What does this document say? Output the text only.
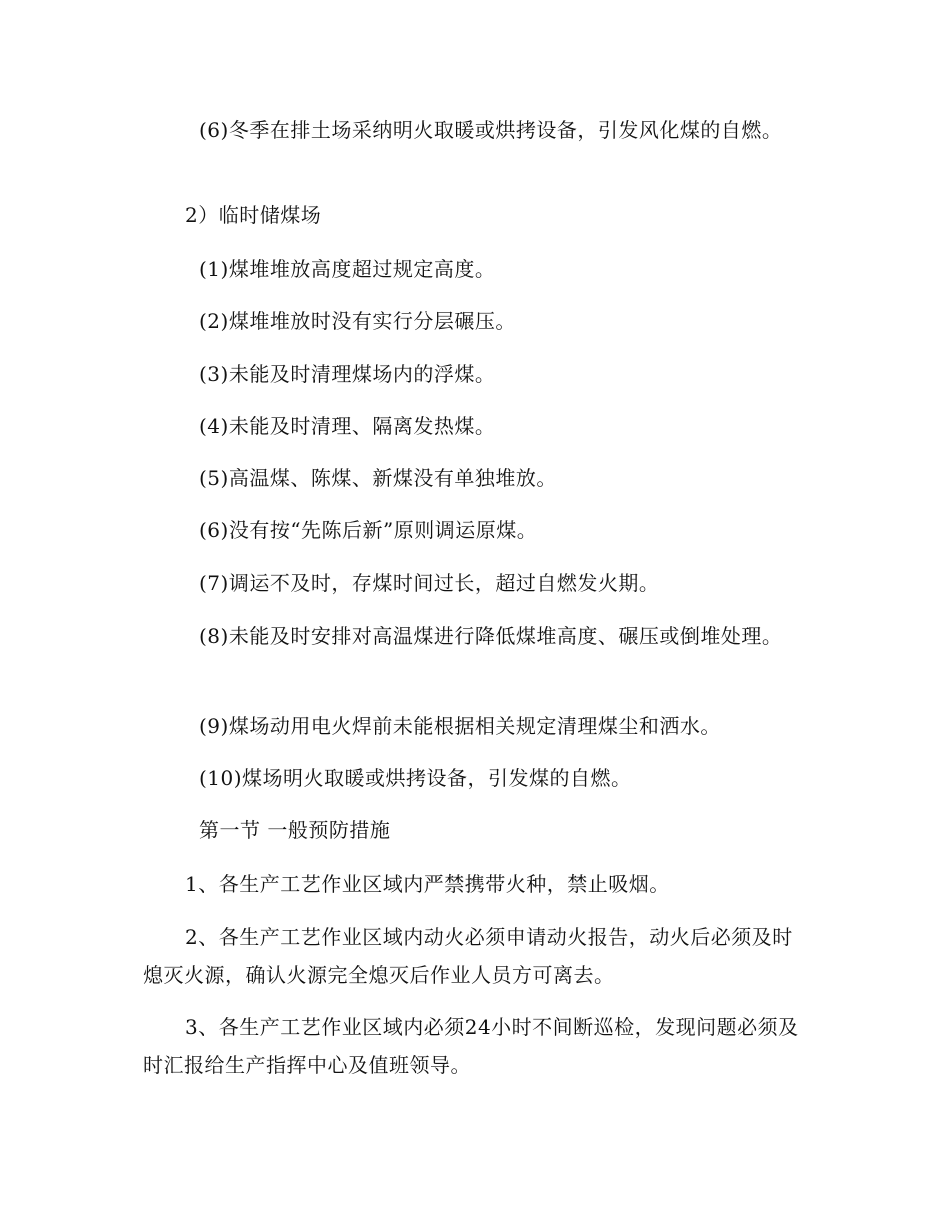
(6)冬季在排土场采纳明火取暖或烘拷设备，引发风化煤的自燃。

2）临时储煤场

(1)煤堆堆放高度超过规定高度。

(2)煤堆堆放时没有实行分层碾压。

(3)未能及时清理煤场内的浮煤。

(4)未能及时清理、隔离发热煤。

(5)高温煤、陈煤、新煤没有单独堆放。

(6)没有按“先陈后新”原则调运原煤。

(7)调运不及时，存煤时间过长，超过自燃发火期。

(8)未能及时安排对高温煤进行降低煤堆高度、碾压或倒堆处理。

(9)煤场动用电火焊前未能根据相关规定清理煤尘和洒水。

(10)煤场明火取暖或烘拷设备，引发煤的自燃。

第一节 一般预防措施

1、各生产工艺作业区域内严禁携带火种，禁止吸烟。

2、各生产工艺作业区域内动火必须申请动火报告，动火后必须及时熄灭火源，确认火源完全熄灭后作业人员方可离去。

3、各生产工艺作业区域内必须24小时不间断巡检，发现问题必须及时汇报给生产指挥中心及值班领导。
